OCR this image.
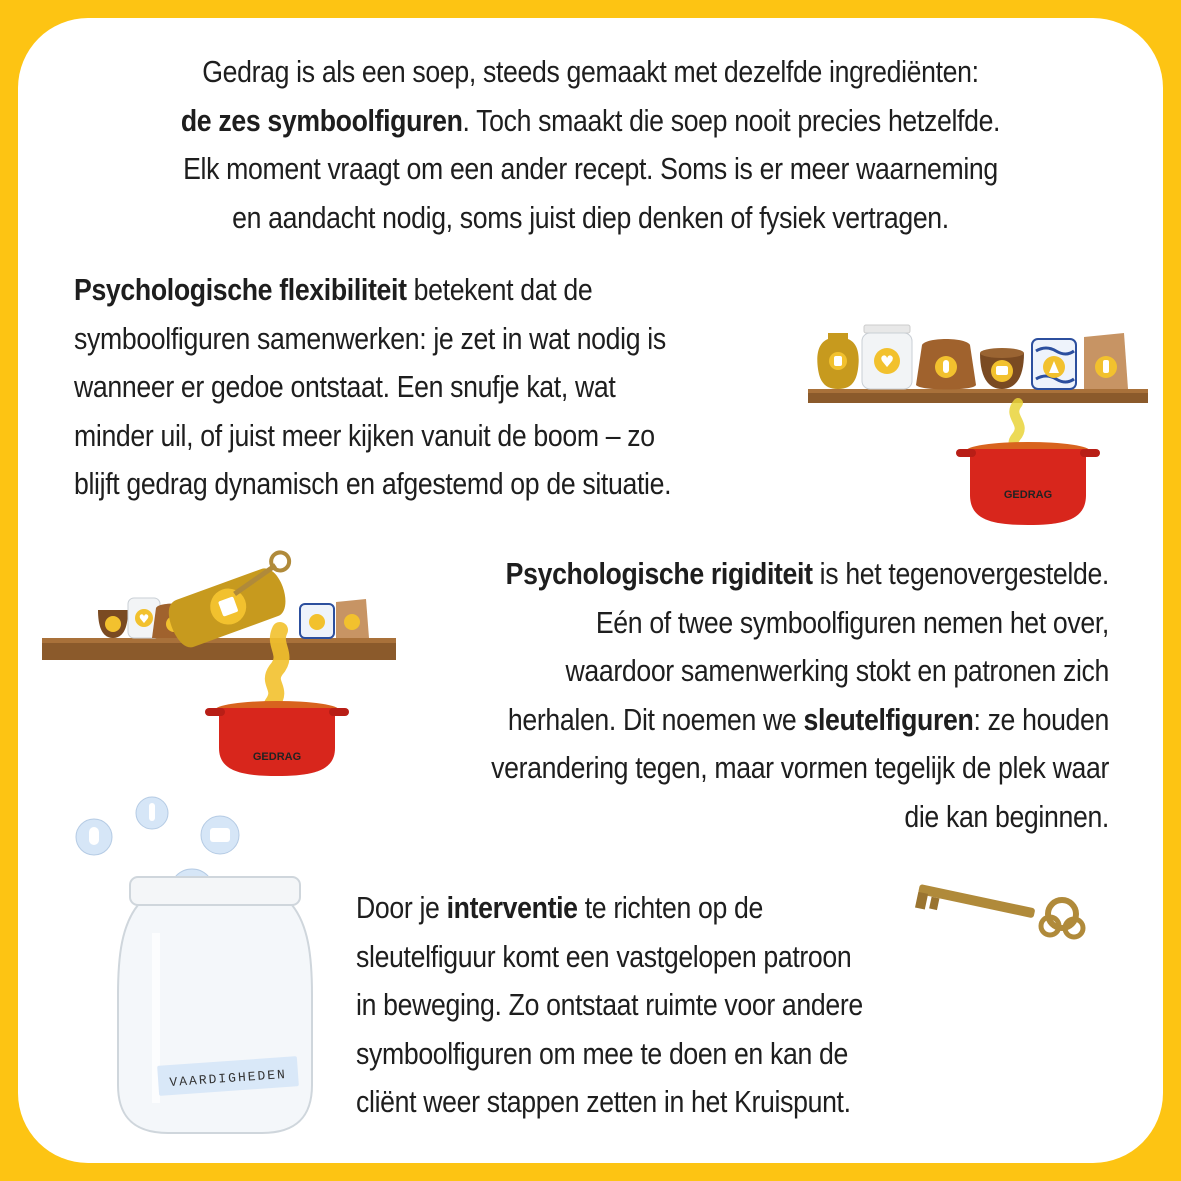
Gedrag is als een soep, steeds gemaakt met dezelfde ingrediënten:
de zes symboolfiguren. Toch smaakt die soep nooit precies hetzelfde.
Elk moment vraagt om een ander recept. Soms is er meer waarneming
en aandacht nodig, soms juist diep denken of fysiek vertragen.
Psychologische flexibiliteit betekent dat de
symboolfiguren samenwerken: je zet in wat nodig is
wanneer er gedoe ontstaat. Een snufje kat, wat
minder uil, of juist meer kijken vanuit de boom – zo
blijft gedrag dynamisch en afgestemd op de situatie.
Psychologische rigiditeit is het tegenovergestelde.
Eén of twee symboolfiguren nemen het over,
waardoor samenwerking stokt en patronen zich
herhalen. Dit noemen we sleutelfiguren: ze houden
verandering tegen, maar vormen tegelijk de plek waar
die kan beginnen.
Door je interventie te richten op de
sleutelfiguur komt een vastgelopen patroon
in beweging. Zo ontstaat ruimte voor andere
symboolfiguren om mee te doen en kan de
cliënt weer stappen zetten in het Kruispunt.
♥
GEDRAG
♥
GEDRAG
VAARDIGHEDEN
